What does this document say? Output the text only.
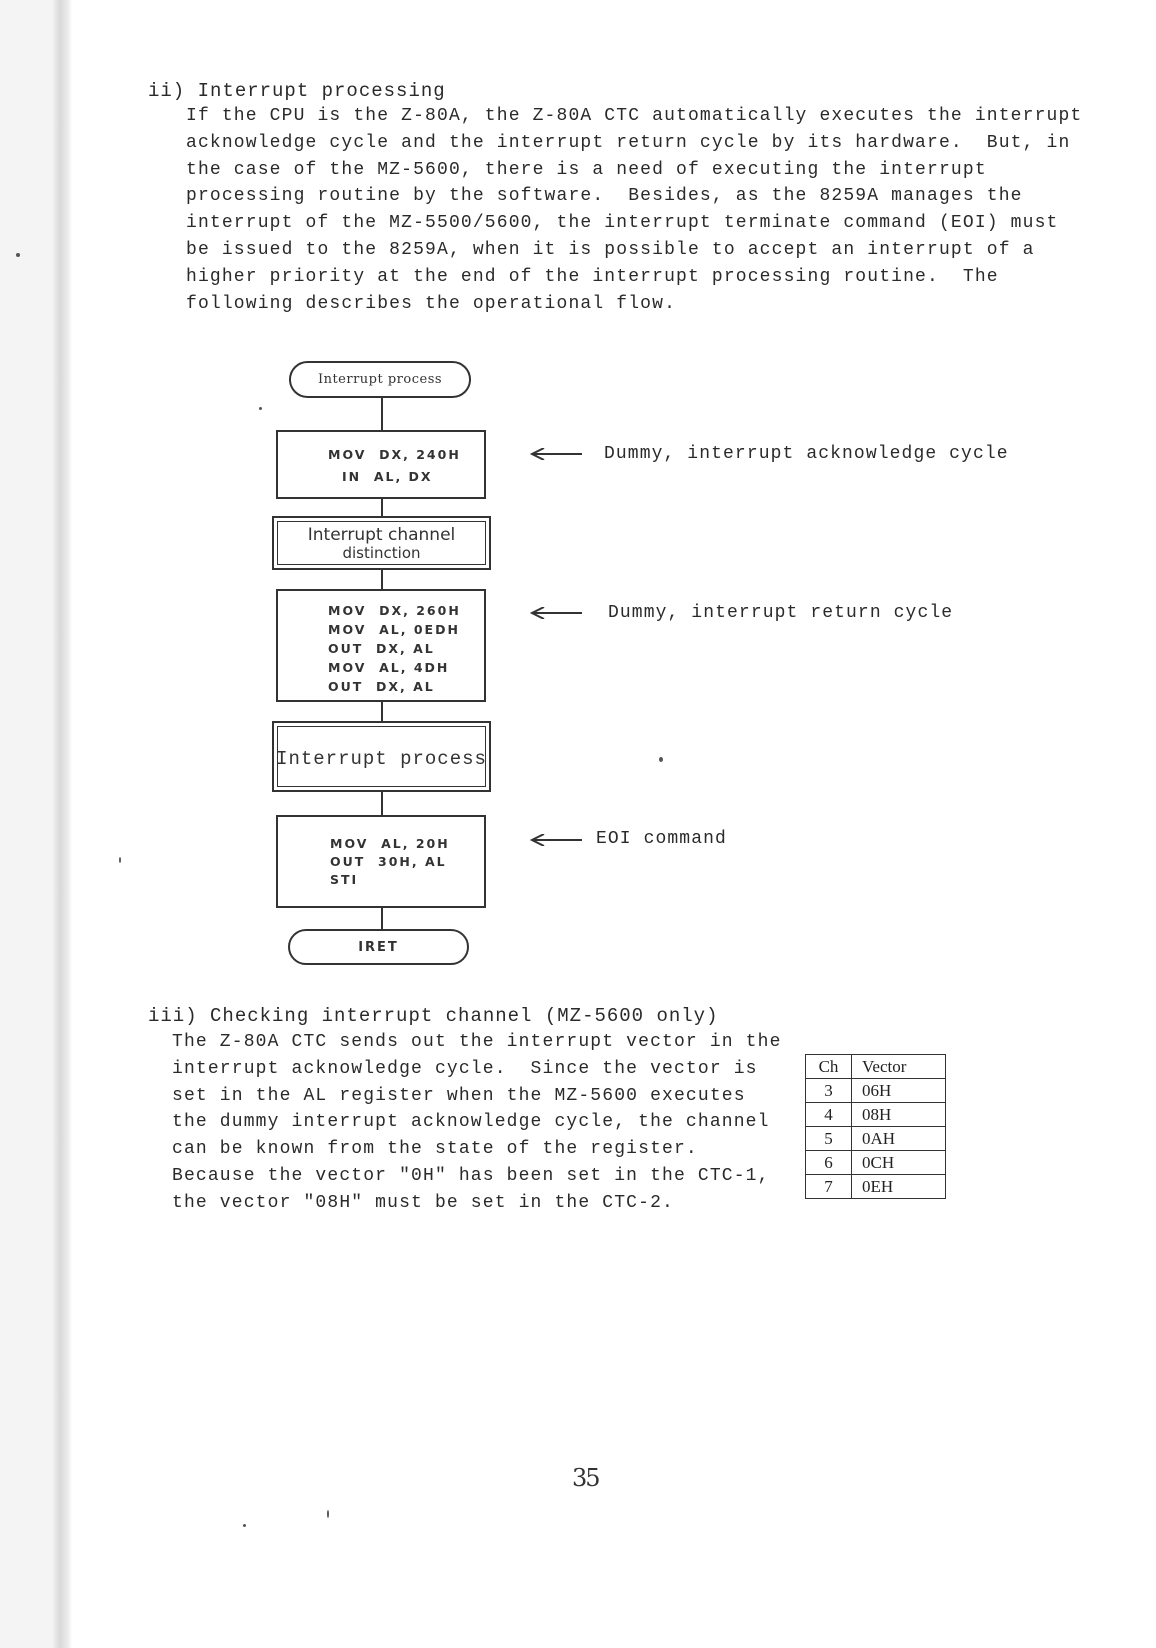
ii) Interrupt processing
If the CPU is the Z-80A, the Z-80A CTC automatically executes the interrupt
acknowledge cycle and the interrupt return cycle by its hardware.  But, in
the case of the MZ-5600, there is a need of executing the interrupt
processing routine by the software.  Besides, as the 8259A manages the
interrupt of the MZ-5500/5600, the interrupt terminate command (EOI) must
be issued to the 8259A, when it is possible to accept an interrupt of a
higher priority at the end of the interrupt processing routine.  The
following describes the operational flow.
Interrupt process
MOV  DX, 240H
IN  AL, DX
Interrupt channel
distinction
MOV  DX, 260H
MOV  AL, 0EDH
OUT  DX, AL
MOV  AL, 4DH
OUT  DX, AL
Interrupt process
MOV  AL, 20H
OUT  30H, AL
STI
IRET
Dummy, interrupt acknowledge cycle
Dummy, interrupt return cycle
EOI command
iii) Checking interrupt channel (MZ-5600 only)
The Z-80A CTC sends out the interrupt vector in the
interrupt acknowledge cycle.  Since the vector is
set in the AL register when the MZ-5600 executes
the dummy interrupt acknowledge cycle, the channel
can be known from the state of the register.
Because the vector "0H" has been set in the CTC-1,
the vector "08H" must be set in the CTC-2.
Ch	Vector
3	06H
4	08H
5	0AH
6	0CH
7	0EH
35
